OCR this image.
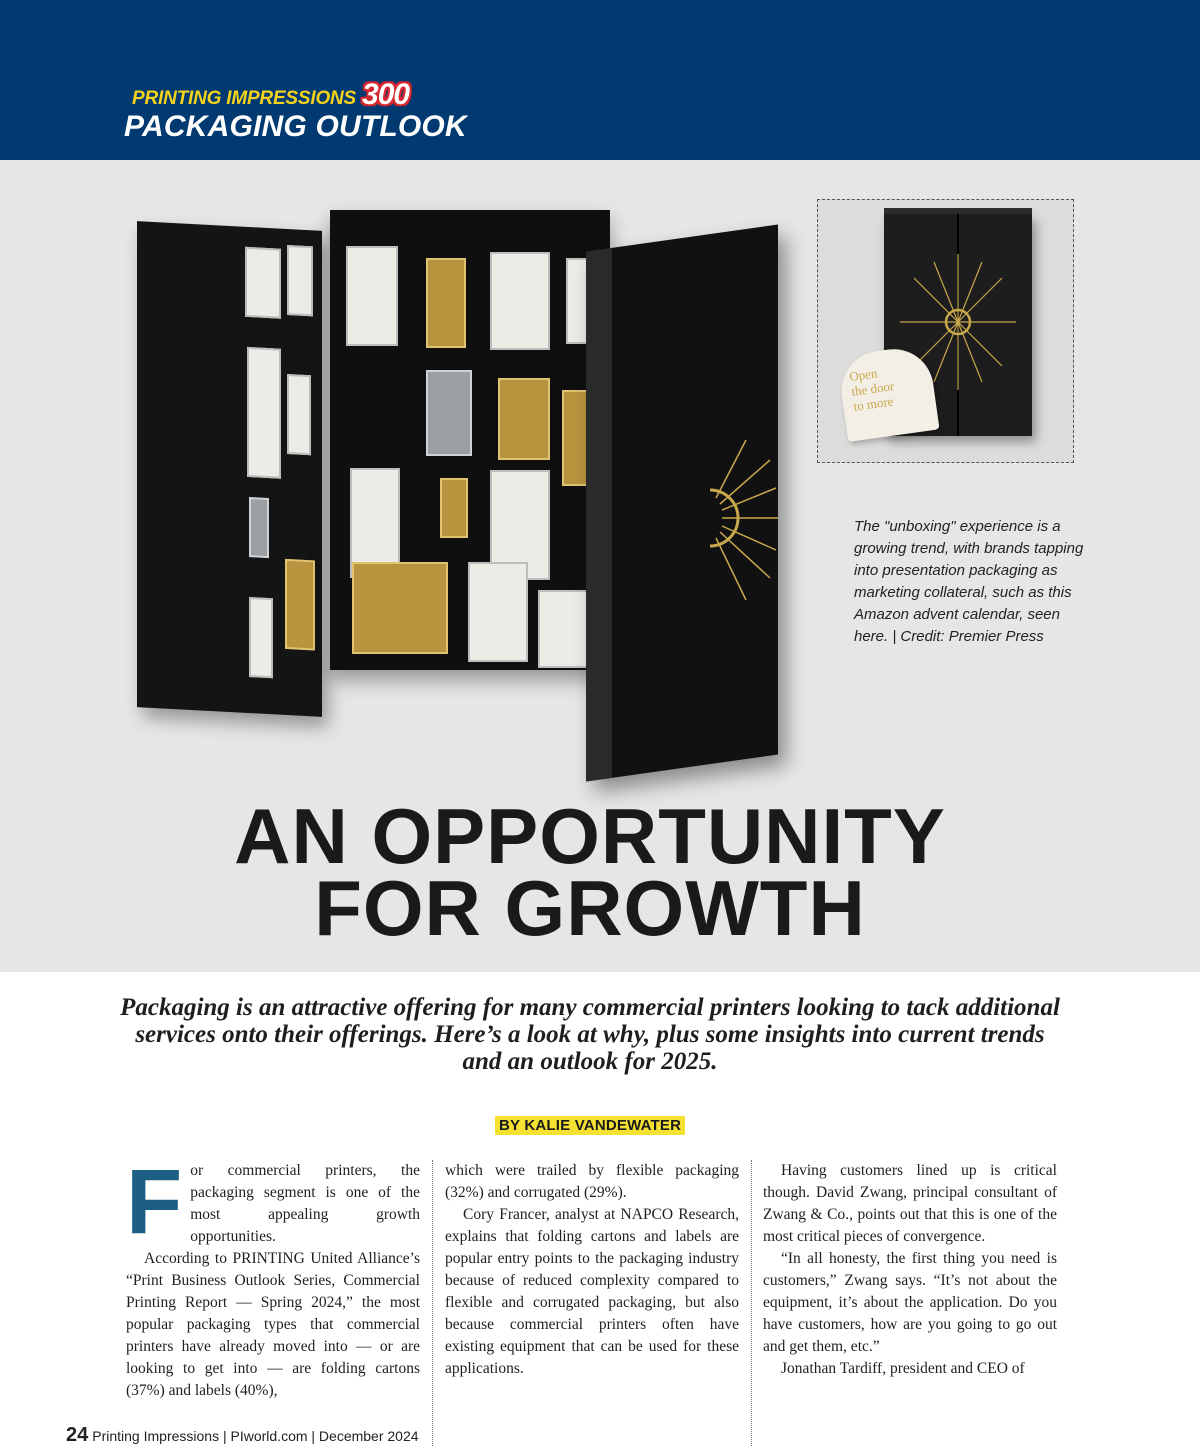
PRINTING IMPRESSIONS 300
PACKAGING OUTLOOK
Open
the door
to more
The "unboxing" experience is a growing trend, with brands tapping into presentation packaging as marketing collateral, such as this Amazon advent calendar, seen here. | Credit: Premier Press
AN OPPORTUNITY
FOR GROWTH
Packaging is an attractive offering for many commercial printers looking to tack additional services onto their offerings. Here’s a look at why, plus some insights into current trends and an outlook for 2025.
BY KALIE VANDEWATER
F or commercial printers, the packaging segment is one of the most appealing growth opportunities.

According to PRINTING United Alliance’s “Print Business Outlook Series, Commercial Printing Report — Spring 2024,” the most popular packaging types that commercial printers have already moved into — or are looking to get into — are folding cartons (37%) and labels (40%),

which were trailed by flexible packaging (32%) and corrugated (29%).

Cory Francer, analyst at NAPCO Research, explains that folding cartons and labels are popular entry points to the packaging industry because of reduced complexity compared to flexible and corrugated packaging, but also because commercial printers often have existing equipment that can be used for these applications.

Having customers lined up is critical though. David Zwang, principal consultant of Zwang & Co., points out that this is one of the most critical pieces of convergence.

“In all honesty, the first thing you need is customers,” Zwang says. “It’s not about the equipment, it’s about the application. Do you have customers, how are you going to go out and get them, etc.”

Jonathan Tardiff, president and CEO of

24 Printing Impressions | PIworld.com | December 2024
